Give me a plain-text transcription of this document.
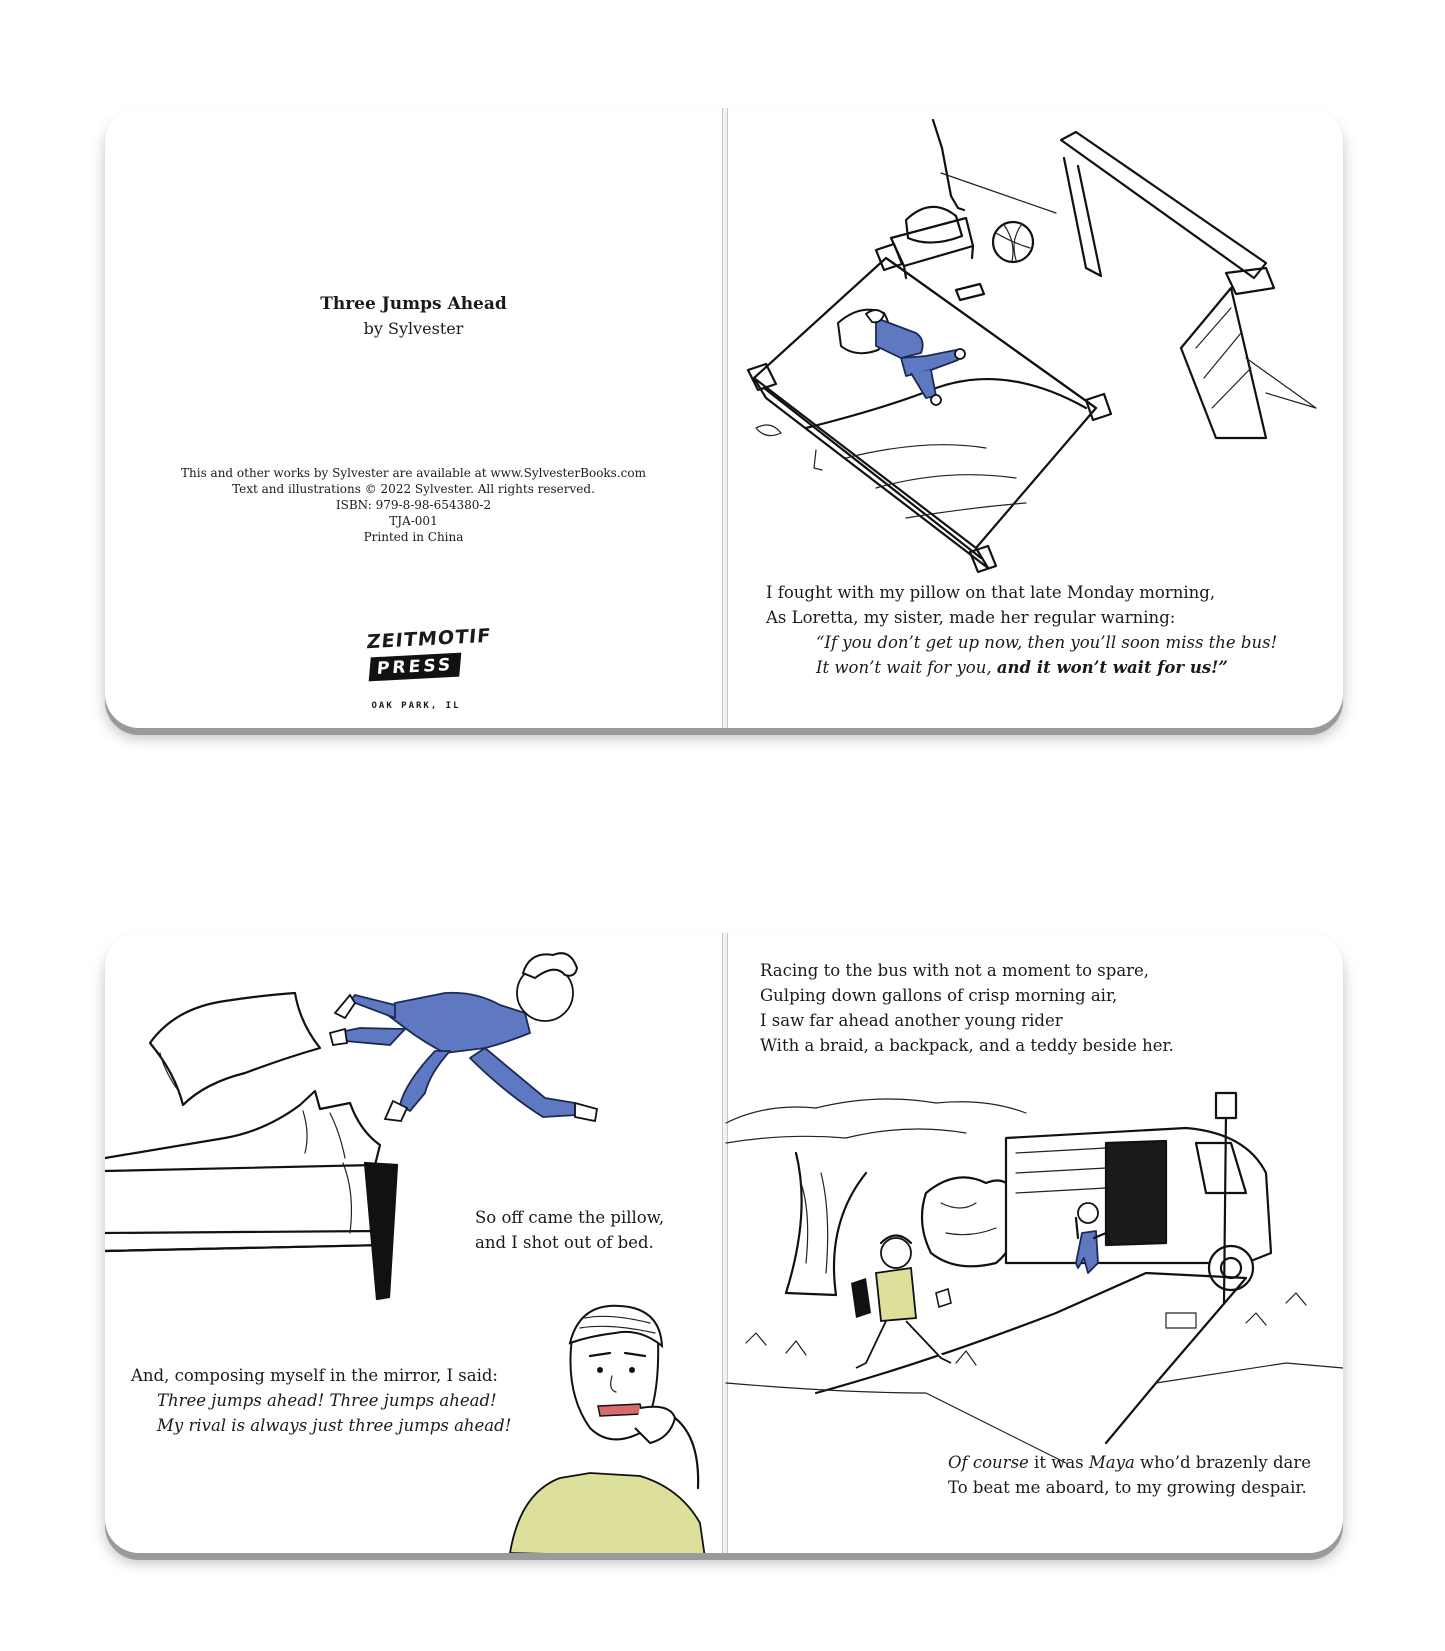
Three Jumps Ahead
by Sylvester
This and other works by Sylvester are available at www.SylvesterBooks.com
Text and illustrations © 2022 Sylvester. All rights reserved.
ISBN: 979-8-98-654380-2
TJA-001
Printed in China
ZEITMOTIF
PRESS
OAK PARK, IL
I fought with my pillow on that late Monday morning,
As Loretta, my sister, made her regular warning:
“If you don’t get up now, then you’ll soon miss the bus!
It won’t wait for you, and it won’t wait for us!”
So off came the pillow,
and I shot out of bed.
And, composing myself in the mirror, I said:
Three jumps ahead! Three jumps ahead!
My rival is always just three jumps ahead!
Racing to the bus with not a moment to spare,
Gulping down gallons of crisp morning air,
I saw far ahead another young rider
With a braid, a backpack, and a teddy beside her.
Of course it was Maya who’d brazenly dare
To beat me aboard, to my growing despair.
